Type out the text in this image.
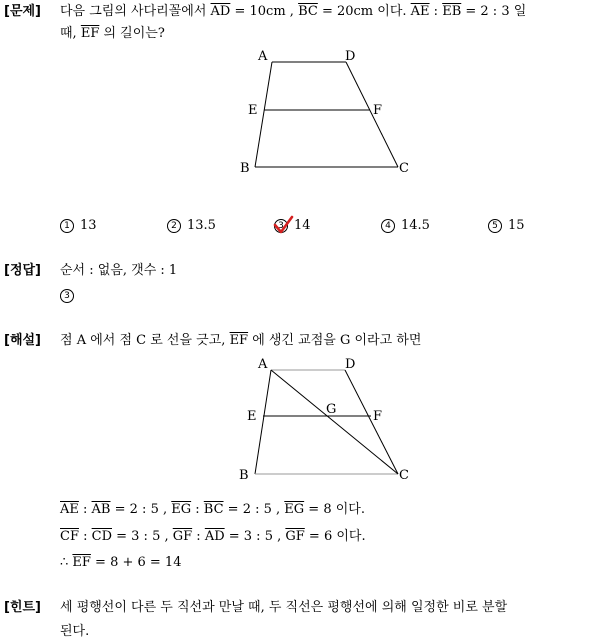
[문제] 다음 그림의 사다리꼴에서 $\overline{AD} = 10cm$ , $\overline{BC} = 20cm$ 이다. $\overline{AE}$ : $\overline{EB} = 2$ : 3 일
때, $\overline{EF}$ 의 길이는?
A	D
E	F
B	C
A	D
E	G	F
B	C
1 13	2 13.5	3 14	4 14.5	5 15
[정답] 순서 : 없음, 갯수 : 1
3
[해설] 점 A 에서 점 C 로 선을 긋고, $\overline{EF}$ 에 생긴 교점을 G 이라고 하면
$\overline{AE}$ : $\overline{AB} = 2$ : 5 , $\overline{EG}$ : $\overline{BC} = 2$ : 5 , $\overline{EG} = 8$ 이다.
$\overline{CF}$ : $\overline{CD} = 3$ : 5 , $\overline{GF}$ : $\overline{AD} = 3$ : 5 , $\overline{GF} = 6$ 이다.
∴ $\overline{EF} = 8 + 6 = 14$
[힌트] 세 평행선이 다른 두 직선과 만날 때, 두 직선은 평행선에 의해 일정한 비로 분할
된다.
